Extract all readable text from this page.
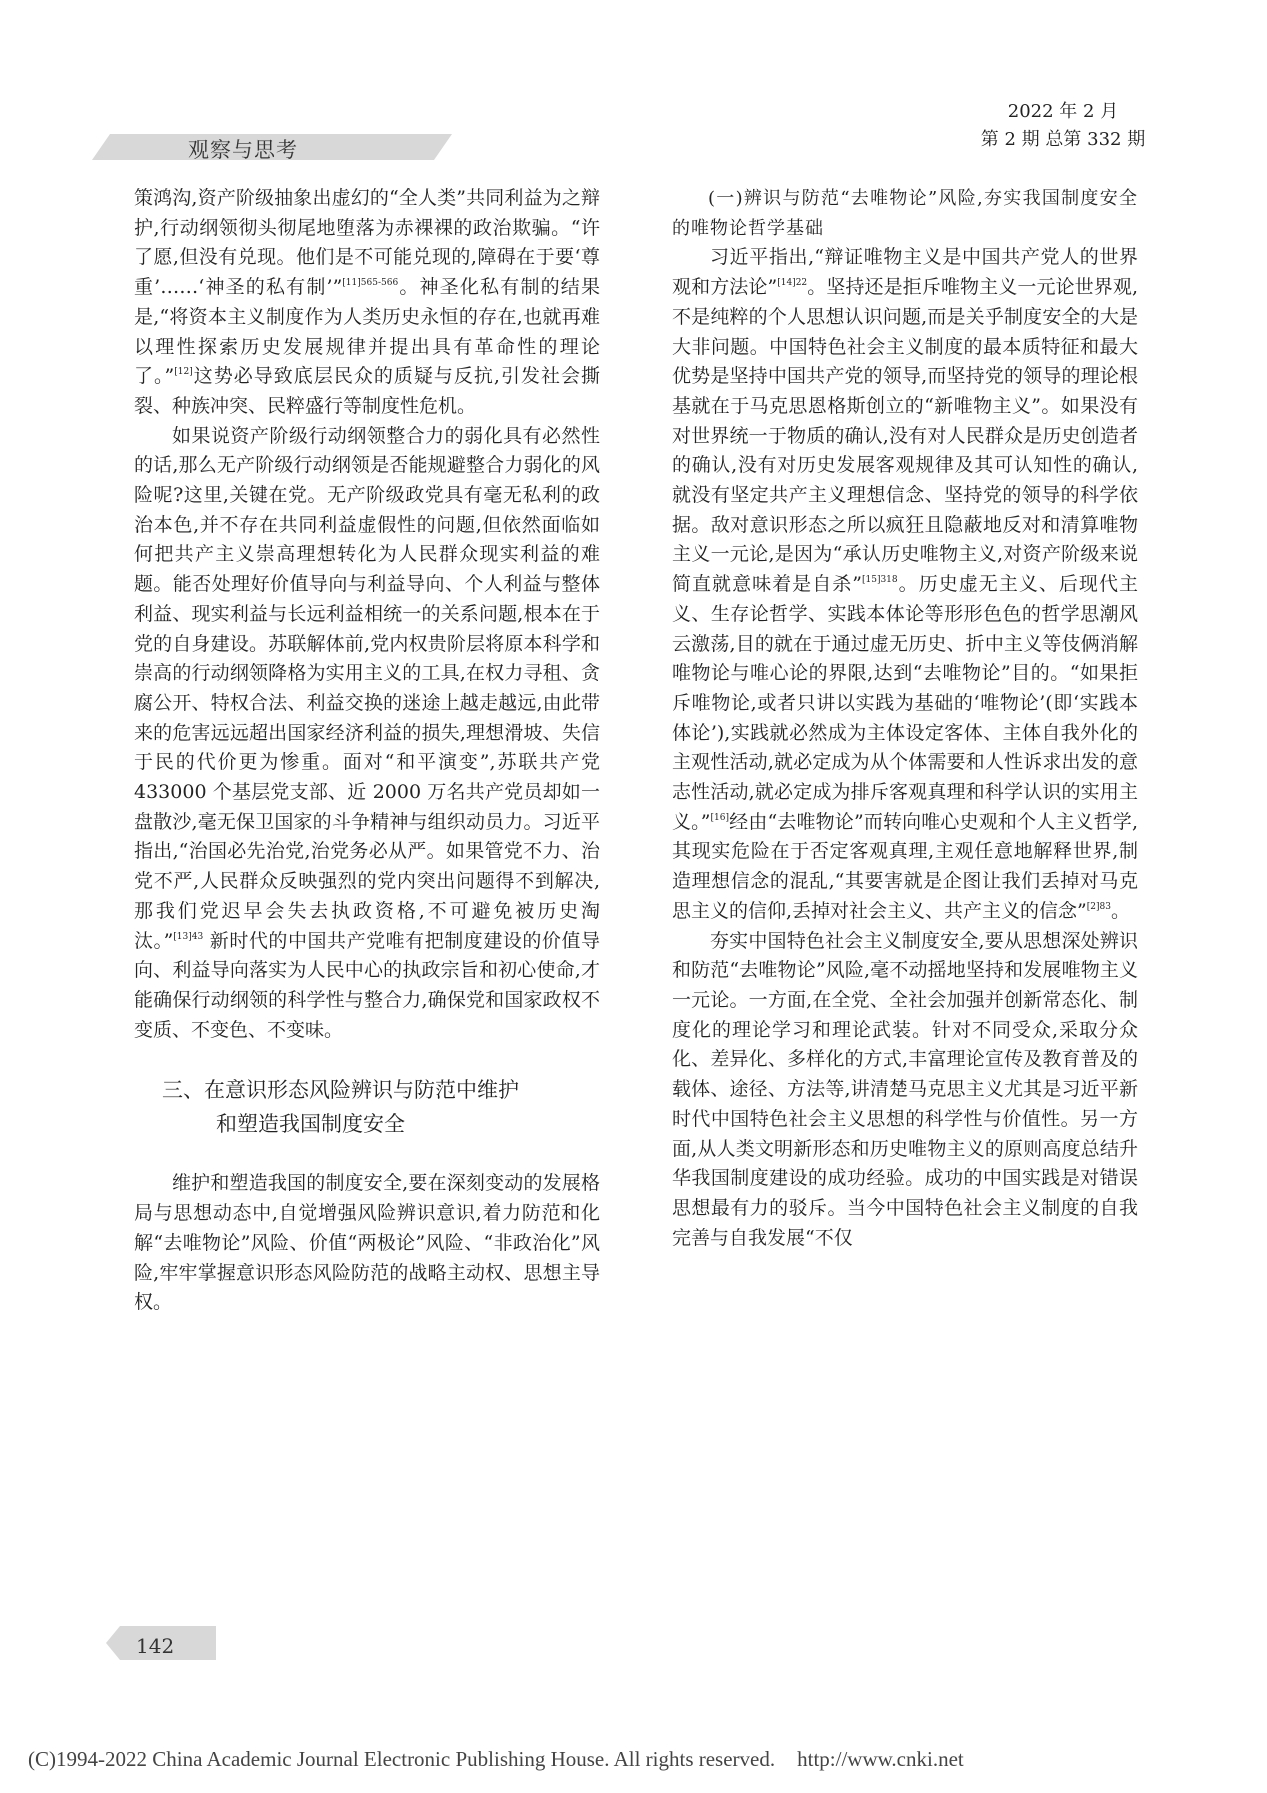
观察与思考
2022 年 2 月
第 2 期 总第 332 期

策鸿沟,资产阶级抽象出虚幻的“全人类”共同利益为之辩护,行动纲领彻头彻尾地堕落为赤裸裸的政治欺骗。“许了愿,但没有兑现。他们是不可能兑现的,障碍在于要‘尊重’……‘神圣的私有制’”$^{[11]565-566}$。神圣化私有制的结果是,“将资本主义制度作为人类历史永恒的存在,也就再难以理性探索历史发展规律并提出具有革命性的理论了。”[12]这势必导致底层民众的质疑与反抗,引发社会撕裂、种族冲突、民粹盛行等制度性危机。

如果说资产阶级行动纲领整合力的弱化具有必然性的话,那么无产阶级行动纲领是否能规避整合力弱化的风险呢?这里,关键在党。无产阶级政党具有毫无私利的政治本色,并不存在共同利益虚假性的问题,但依然面临如何把共产主义崇高理想转化为人民群众现实利益的难题。能否处理好价值导向与利益导向、个人利益与整体利益、现实利益与长远利益相统一的关系问题,根本在于党的自身建设。苏联解体前,党内权贵阶层将原本科学和崇高的行动纲领降格为实用主义的工具,在权力寻租、贪腐公开、特权合法、利益交换的迷途上越走越远,由此带来的危害远远超出国家经济利益的损失,理想滑坡、失信于民的代价更为惨重。面对“和平演变”,苏联共产党 433000 个基层党支部、近 2000 万名共产党员却如一盘散沙,毫无保卫国家的斗争精神与组织动员力。习近平指出,“治国必先治党,治党务必从严。如果管党不力、治党不严,人民群众反映强烈的党内突出问题得不到解决,那我们党迟早会失去执政资格,不可避免被历史淘汰。”$^{[13]43}$ 新时代的中国共产党唯有把制度建设的价值导向、利益导向落实为人民中心的执政宗旨和初心使命,才能确保行动纲领的科学性与整合力,确保党和国家政权不变质、不变色、不变味。

三、在意识形态风险辨识与防范中维护
和塑造我国制度安全

维护和塑造我国的制度安全,要在深刻变动的发展格局与思想动态中,自觉增强风险辨识意识,着力防范和化解“去唯物论”风险、价值“两极论”风险、“非政治化”风险,牢牢掌握意识形态风险防范的战略主动权、思想主导权。

(一)辨识与防范“去唯物论”风险,夯实我国制度安全的唯物论哲学基础

习近平指出,“辩证唯物主义是中国共产党人的世界观和方法论”$^{[14]22}$。坚持还是拒斥唯物主义一元论世界观,不是纯粹的个人思想认识问题,而是关乎制度安全的大是大非问题。中国特色社会主义制度的最本质特征和最大优势是坚持中国共产党的领导,而坚持党的领导的理论根基就在于马克思恩格斯创立的“新唯物主义”。如果没有对世界统一于物质的确认,没有对人民群众是历史创造者的确认,没有对历史发展客观规律及其可认知性的确认,就没有坚定共产主义理想信念、坚持党的领导的科学依据。敌对意识形态之所以疯狂且隐蔽地反对和清算唯物主义一元论,是因为“承认历史唯物主义,对资产阶级来说简直就意味着是自杀”$^{[15]318}$。历史虚无主义、后现代主义、生存论哲学、实践本体论等形形色色的哲学思潮风云激荡,目的就在于通过虚无历史、折中主义等伎俩消解唯物论与唯心论的界限,达到“去唯物论”目的。“如果拒斥唯物论,或者只讲以实践为基础的‘唯物论’(即‘实践本体论’),实践就必然成为主体设定客体、主体自我外化的主观性活动,就必定成为从个体需要和人性诉求出发的意志性活动,就必定成为排斥客观真理和科学认识的实用主义。”[16]经由“去唯物论”而转向唯心史观和个人主义哲学,其现实危险在于否定客观真理,主观任意地解释世界,制造理想信念的混乱,“其要害就是企图让我们丢掉对马克思主义的信仰,丢掉对社会主义、共产主义的信念”$^{[2]83}$。

夯实中国特色社会主义制度安全,要从思想深处辨识和防范“去唯物论”风险,毫不动摇地坚持和发展唯物主义一元论。一方面,在全党、全社会加强并创新常态化、制度化的理论学习和理论武装。针对不同受众,采取分众化、差异化、多样化的方式,丰富理论宣传及教育普及的载体、途径、方法等,讲清楚马克思主义尤其是习近平新时代中国特色社会主义思想的科学性与价值性。另一方面,从人类文明新形态和历史唯物主义的原则高度总结升华我国制度建设的成功经验。成功的中国实践是对错误思想最有力的驳斥。当今中国特色社会主义制度的自我完善与自我发展“不仅

142
(C)1994-2022 China Academic Journal Electronic Publishing House. All rights reserved. http://www.cnki.net
